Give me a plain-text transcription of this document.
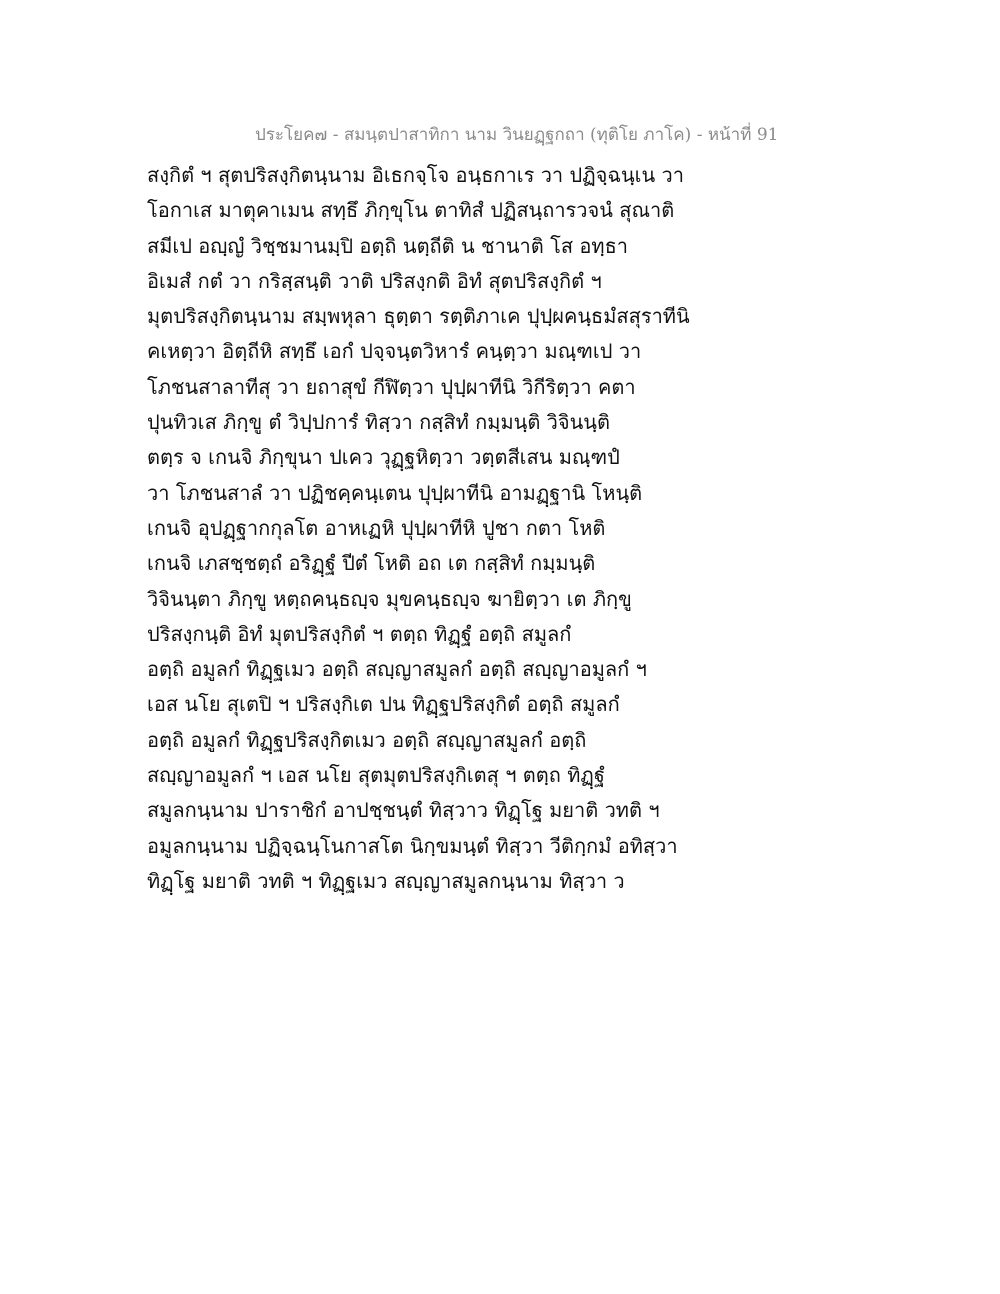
ประโยค๗ - สมนฺตปาสาทิกา นาม วินยฏฺฐกถา (ทุติโย ภาโค) - หน้าที่ 91
สงฺกิตํ ฯ สุตปริสงฺกิตนฺนาม อิเธกจฺโจ อนฺธกาเร วา ปฏิจฺฉนฺเน วา
โอกาเส มาตุคาเมน สทฺธึ ภิกฺขุโน ตาทิสํ ปฏิสนฺถารวจนํ สุณาติ
สมีเป อญฺญํ วิชฺชมานมฺปิ อตฺถิ นตฺถีติ น ชานาติ โส อทฺธา
อิเมสํ กตํ วา กริสฺสนฺติ วาติ ปริสงฺกติ อิทํ สุตปริสงฺกิตํ ฯ
มุตปริสงฺกิตนฺนาม สมฺพหุลา ธุตฺตา รตฺติภาเค ปุปฺผคนฺธมํสสุราทีนิ
คเหตฺวา อิตฺถีหิ สทฺธึ เอกํ ปจฺจนฺตวิหารํ คนฺตฺวา มณฺฑเป วา
โภชนสาลาทีสุ วา ยถาสุขํ กีฬิตฺวา ปุปฺผาทีนิ วิกีริตฺวา คตา
ปุนทิวเส ภิกฺขู ตํ วิปฺปการํ ทิสฺวา กสฺสิทํ กมฺมนฺติ วิจินนฺติ
ตตฺร จ เกนจิ ภิกฺขุนา ปเคว วุฏฺฐหิตฺวา วตฺตสีเสน มณฺฑปํ
วา โภชนสาลํ วา ปฏิชคฺคนฺเตน ปุปฺผาทีนิ อามฏฺฐานิ โหนฺติ
เกนจิ อุปฏฺฐากกุลโต อาหเฏหิ ปุปฺผาทีหิ ปูชา กตา โหติ
เกนจิ เภสชฺชตฺถํ อริฏฺฐํ ปีตํ โหติ อถ เต กสฺสิทํ กมฺมนฺติ
วิจินนฺตา ภิกฺขู หตฺถคนฺธญฺจ มุขคนฺธญฺจ ฆายิตฺวา เต ภิกฺขู
ปริสงฺกนฺติ อิทํ มุตปริสงฺกิตํ ฯ ตตฺถ ทิฏฺฐํ อตฺถิ สมูลกํ
อตฺถิ อมูลกํ ทิฏฺฐเมว อตฺถิ สญฺญาสมูลกํ อตฺถิ สญฺญาอมูลกํ ฯ
เอส นโย สุเตปิ ฯ ปริสงฺกิเต ปน ทิฏฺฐปริสงฺกิตํ อตฺถิ สมูลกํ
อตฺถิ อมูลกํ ทิฏฺฐปริสงฺกิตเมว อตฺถิ สญฺญาสมูลกํ อตฺถิ
สญฺญาอมูลกํ ฯ เอส นโย สุตมุตปริสงฺกิเตสุ ฯ ตตฺถ ทิฏฺฐํ
สมูลกนฺนาม ปาราชิกํ อาปชฺชนฺตํ ทิสฺวาว ทิฏฺโฐ มยาติ วทติ ฯ
อมูลกนฺนาม ปฏิจฺฉนฺโนกาสโต นิกฺขมนฺตํ ทิสฺวา วีติกฺกมํ อทิสฺวา
ทิฏฺโฐ มยาติ วทติ ฯ ทิฏฺฐเมว สญฺญาสมูลกนฺนาม ทิสฺวา ว
